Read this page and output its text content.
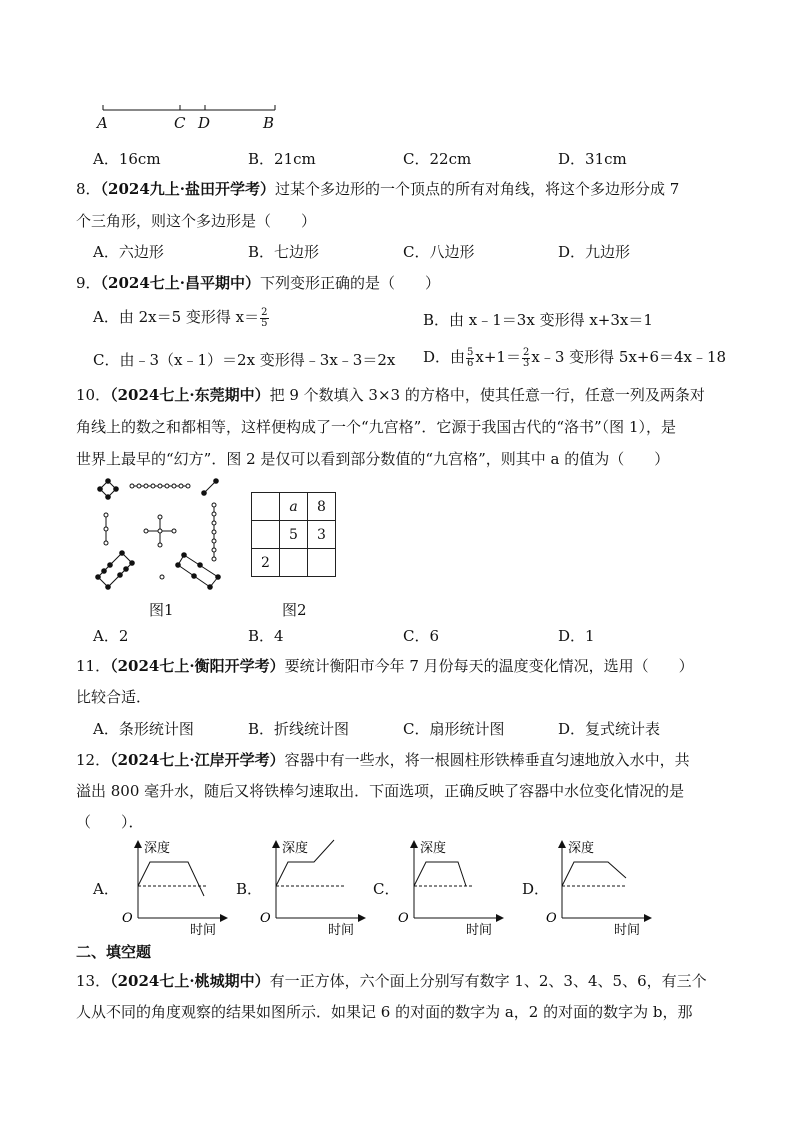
A	C D	B
A．16cm	B．21cm	C．22cm	D．31cm
8．（2024九上·盐田开学考）过某个多边形的一个顶点的所有对角线，将这个多边形分成 7
个三角形，则这个多边形是（　　）
A．六边形	B．七边形	C．八边形	D．九边形
9．（2024七上·昌平期中）下列变形正确的是（　　）
A．由 2x＝5 变形得 $x= \frac{2}{5}$	B．由 x﹣1＝3x 变形得 x+3x＝1
C．由﹣3（x﹣1）＝2x 变形得﹣3x﹣3＝2x D．由 $\frac{5}{6} x+1= \frac{2}{3}$ x﹣3 变形得 5x+6＝4x﹣18
10．（2024七上·东莞期中）把 9 个数填入 3×3 的方格中，使其任意一行，任意一列及两条对
角线上的数之和都相等，这样便构成了一个“九宫格”．它源于我国古代的“洛书”（图 1），是
世界上最早的“幻方”．图 2 是仅可以看到部分数值的“九宫格”，则其中 a 的值为（　　）
图1
	a	8
	5	3
2		
图2
A．2	B．4	C．6	D．1
11．（2024七上·衡阳开学考）要统计衡阳市今年 7 月份每天的温度变化情况，选用（　　）
比较合适．
A．条形统计图	B．折线统计图	C．扇形统计图	D．复式统计表
12．（2024七上·江岸开学考）容器中有一些水，将一根圆柱形铁棒垂直匀速地放入水中，共
溢出 800 毫升水，随后又将铁棒匀速取出．下面选项，正确反映了容器中水位变化情况的是
（　　）．
A．	B．	C．	D．
深度
时间
O
深度
时间
O
深度
时间
O
深度
时间
O
二、填空题
13．（2024七上·桃城期中）有一正方体，六个面上分别写有数字 1、2、3、4、5、6，有三个
人从不同的角度观察的结果如图所示．如果记 6 的对面的数字为 a，2 的对面的数字为 b，那
